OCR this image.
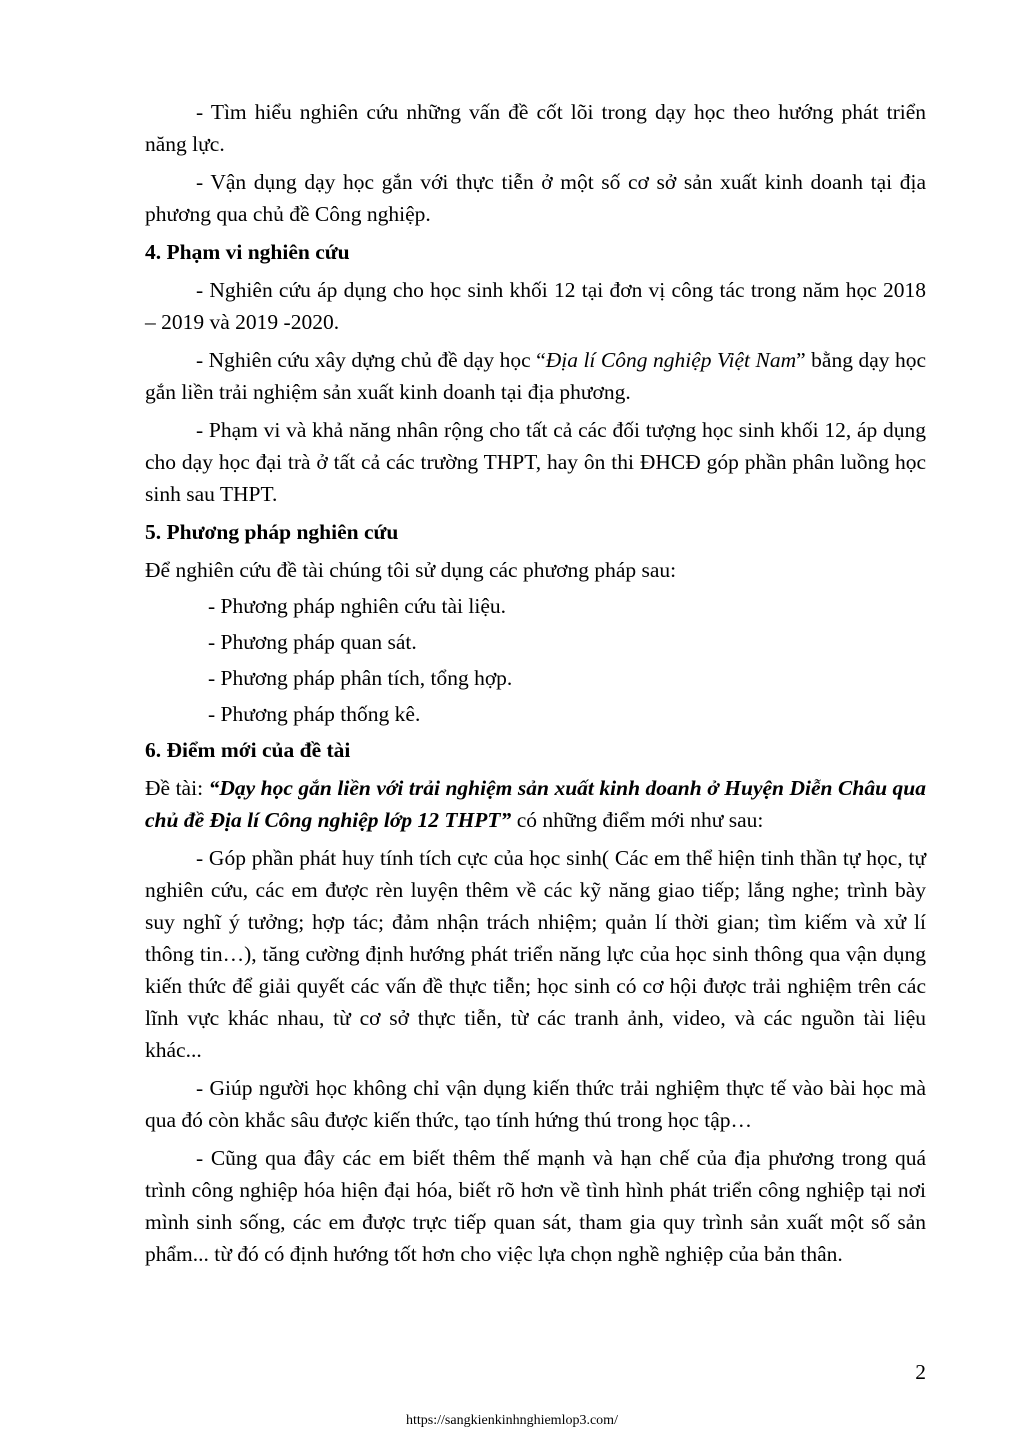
- Tìm hiểu nghiên cứu những vấn đề cốt lõi trong dạy học theo hướng phát triển năng lực.

- Vận dụng dạy học gắn với thực tiễn ở một số cơ sở sản xuất kinh doanh tại địa phương qua chủ đề Công nghiệp.

4. Phạm vi nghiên cứu

- Nghiên cứu áp dụng cho học sinh khối 12 tại đơn vị công tác trong năm học 2018 – 2019 và 2019 -2020.

- Nghiên cứu xây dựng chủ đề dạy học “Địa lí Công nghiệp Việt Nam” bằng dạy học gắn liền trải nghiệm sản xuất kinh doanh tại địa phương.

- Phạm vi và khả năng nhân rộng cho tất cả các đối tượng học sinh khối 12, áp dụng cho dạy học đại trà ở tất cả các trường THPT, hay ôn thi ĐHCĐ góp phần phân luồng học sinh sau THPT.

5. Phương pháp nghiên cứu

Để nghiên cứu đề tài chúng tôi sử dụng các phương pháp sau:

- Phương pháp nghiên cứu tài liệu.

- Phương pháp quan sát.

- Phương pháp phân tích, tổng hợp.

- Phương pháp thống kê.

6. Điểm mới của đề tài

Đề tài: “Dạy học gắn liền với trải nghiệm sản xuất kinh doanh ở Huyện Diễn Châu qua chủ đề Địa lí Công nghiệp lớp 12 THPT” có những điểm mới như sau:

- Góp phần phát huy tính tích cực của học sinh( Các em thể hiện tinh thần tự học, tự nghiên cứu, các em được rèn luyện thêm về các kỹ năng giao tiếp; lắng nghe; trình bày suy nghĩ ý tưởng; hợp tác; đảm nhận trách nhiệm; quản lí thời gian; tìm kiếm và xử lí thông tin…), tăng cường định hướng phát triển năng lực của học sinh thông qua vận dụng kiến thức để giải quyết các vấn đề thực tiễn; học sinh có cơ hội được trải nghiệm trên các lĩnh vực khác nhau, từ cơ sở thực tiễn, từ các tranh ảnh, video, và các nguồn tài liệu khác...

- Giúp người học không chỉ vận dụng kiến thức trải nghiệm thực tế vào bài học mà qua đó còn khắc sâu được kiến thức, tạo tính hứng thú trong học tập…

- Cũng qua đây các em biết thêm thế mạnh và hạn chế của địa phương trong quá trình công nghiệp hóa hiện đại hóa, biết rõ hơn về tình hình phát triển công nghiệp tại nơi mình sinh sống, các em được trực tiếp quan sát, tham gia quy trình sản xuất một số sản phẩm... từ đó có định hướng tốt hơn cho việc lựa chọn nghề nghiệp của bản thân.

2
https://sangkienkinhnghiemlop3.com/
